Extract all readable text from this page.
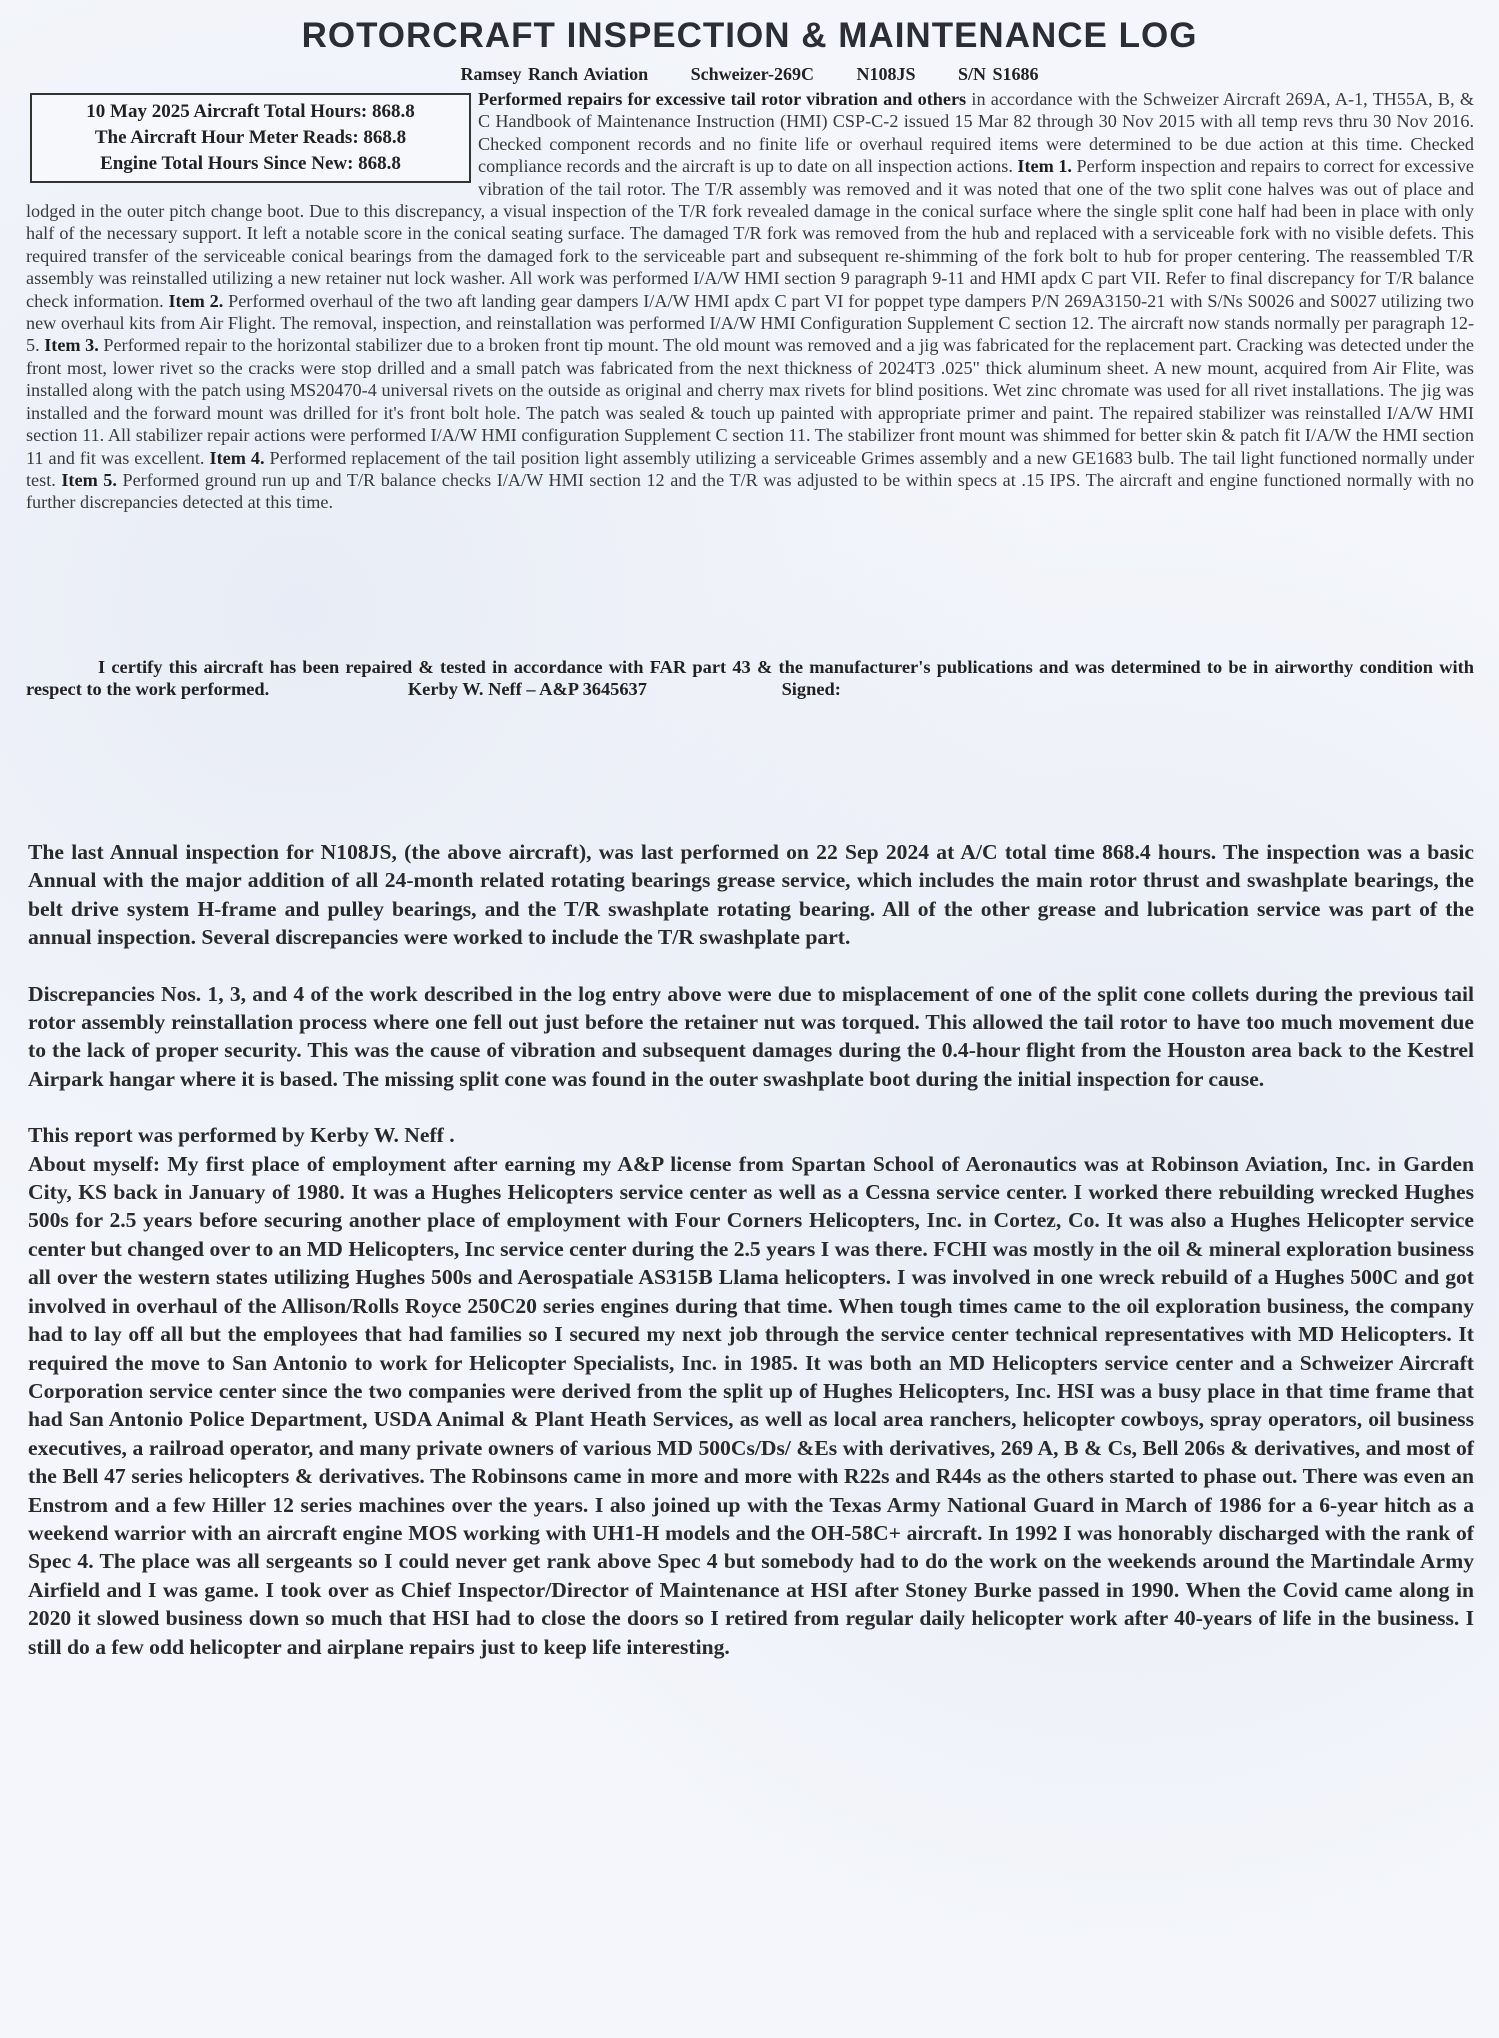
ROTORCRAFT INSPECTION & MAINTENANCE LOG
Ramsey Ranch Aviation Schweizer-269C N108JS S/N S1686
Performed repairs for excessive tail rotor vibration and others in accordance with the Schweizer Aircraft 269A, A-1, TH55A, B, & C Handbook of Maintenance Instruction (HMI) CSP-C-2 issued 15 Mar 82 through 30 Nov 2015 with all temp revs thru 30 Nov 2016. Checked component records and no finite life or overhaul required items were determined to be due action at this time. Checked compliance records and the aircraft is up to date on all inspection actions. Item 1. Perform inspection and repairs to correct for excessive vibration of the tail rotor. The T/R assembly was removed and it was noted that one of the two split cone halves was out of place and lodged in the outer pitch change boot. Due to this discrepancy, a visual inspection of the T/R fork revealed damage in the conical surface where the single split cone half had been in place with only half of the necessary support. It left a notable score in the conical seating surface. The damaged T/R fork was removed from the hub and replaced with a serviceable fork with no visible defets. This required transfer of the serviceable conical bearings from the damaged fork to the serviceable part and subsequent re-shimming of the fork bolt to hub for proper centering. The reassembled T/R assembly was reinstalled utilizing a new retainer nut lock washer. All work was performed I/A/W HMI section 9 paragraph 9-11 and HMI apdx C part VII. Refer to final discrepancy for T/R balance check information. Item 2. Performed overhaul of the two aft landing gear dampers I/A/W HMI apdx C part VI for poppet type dampers P/N 269A3150-21 with S/Ns S0026 and S0027 utilizing two new overhaul kits from Air Flight. The removal, inspection, and reinstallation was performed I/A/W HMI Configuration Supplement C section 12. The aircraft now stands normally per paragraph 12-5. Item 3. Performed repair to the horizontal stabilizer due to a broken front tip mount. The old mount was removed and a jig was fabricated for the replacement part. Cracking was detected under the front most, lower rivet so the cracks were stop drilled and a small patch was fabricated from the next thickness of 2024T3 .025" thick aluminum sheet. A new mount, acquired from Air Flite, was installed along with the patch using MS20470-4 universal rivets on the outside as original and cherry max rivets for blind positions. Wet zinc chromate was used for all rivet installations. The jig was installed and the forward mount was drilled for it's front bolt hole. The patch was sealed & touch up painted with appropriate primer and paint. The repaired stabilizer was reinstalled I/A/W HMI section 11. All stabilizer repair actions were performed I/A/W HMI configuration Supplement C section 11. The stabilizer front mount was shimmed for better skin & patch fit I/A/W the HMI section 11 and fit was excellent. Item 4. Performed replacement of the tail position light assembly utilizing a serviceable Grimes assembly and a new GE1683 bulb. The tail light functioned normally under test. Item 5. Performed ground run up and T/R balance checks I/A/W HMI section 12 and the T/R was adjusted to be within specs at .15 IPS. The aircraft and engine functioned normally with no further discrepancies detected at this time.
10 May 2025 Aircraft Total Hours: 868.8
The Aircraft Hour Meter Reads: 868.8
Engine Total Hours Since New: 868.8
I certify this aircraft has been repaired & tested in accordance with FAR part 43 & the manufacturer's publications and was determined to be in airworthy condition with respect to the work performed.	Kerby W. Neff – A&P 3645637	Signed:

The last Annual inspection for N108JS, (the above aircraft), was last performed on 22 Sep 2024 at A/C total time 868.4 hours. The inspection was a basic Annual with the major addition of all 24-month related rotating bearings grease service, which includes the main rotor thrust and swashplate bearings, the belt drive system H-frame and pulley bearings, and the T/R swashplate rotating bearing. All of the other grease and lubrication service was part of the annual inspection. Several discrepancies were worked to include the T/R swashplate part.

Discrepancies Nos. 1, 3, and 4 of the work described in the log entry above were due to misplacement of one of the split cone collets during the previous tail rotor assembly reinstallation process where one fell out just before the retainer nut was torqued. This allowed the tail rotor to have too much movement due to the lack of proper security. This was the cause of vibration and subsequent damages during the 0.4-hour flight from the Houston area back to the Kestrel Airpark hangar where it is based. The missing split cone was found in the outer swashplate boot during the initial inspection for cause.

This report was performed by Kerby W. Neff .

About myself: My first place of employment after earning my A&P license from Spartan School of Aeronautics was at Robinson Aviation, Inc. in Garden City, KS back in January of 1980. It was a Hughes Helicopters service center as well as a Cessna service center. I worked there rebuilding wrecked Hughes 500s for 2.5 years before securing another place of employment with Four Corners Helicopters, Inc. in Cortez, Co. It was also a Hughes Helicopter service center but changed over to an MD Helicopters, Inc service center during the 2.5 years I was there. FCHI was mostly in the oil & mineral exploration business all over the western states utilizing Hughes 500s and Aerospatiale AS315B Llama helicopters. I was involved in one wreck rebuild of a Hughes 500C and got involved in overhaul of the Allison/Rolls Royce 250C20 series engines during that time. When tough times came to the oil exploration business, the company had to lay off all but the employees that had families so I secured my next job through the service center technical representatives with MD Helicopters. It required the move to San Antonio to work for Helicopter Specialists, Inc. in 1985. It was both an MD Helicopters service center and a Schweizer Aircraft Corporation service center since the two companies were derived from the split up of Hughes Helicopters, Inc. HSI was a busy place in that time frame that had San Antonio Police Department, USDA Animal & Plant Heath Services, as well as local area ranchers, helicopter cowboys, spray operators, oil business executives, a railroad operator, and many private owners of various MD 500Cs/Ds/ &Es with derivatives, 269 A, B & Cs, Bell 206s & derivatives, and most of the Bell 47 series helicopters & derivatives. The Robinsons came in more and more with R22s and R44s as the others started to phase out. There was even an Enstrom and a few Hiller 12 series machines over the years. I also joined up with the Texas Army National Guard in March of 1986 for a 6-year hitch as a weekend warrior with an aircraft engine MOS working with UH1-H models and the OH-58C+ aircraft. In 1992 I was honorably discharged with the rank of Spec 4. The place was all sergeants so I could never get rank above Spec 4 but somebody had to do the work on the weekends around the Martindale Army Airfield and I was game. I took over as Chief Inspector/Director of Maintenance at HSI after Stoney Burke passed in 1990. When the Covid came along in 2020 it slowed business down so much that HSI had to close the doors so I retired from regular daily helicopter work after 40-years of life in the business. I still do a few odd helicopter and airplane repairs just to keep life interesting.
